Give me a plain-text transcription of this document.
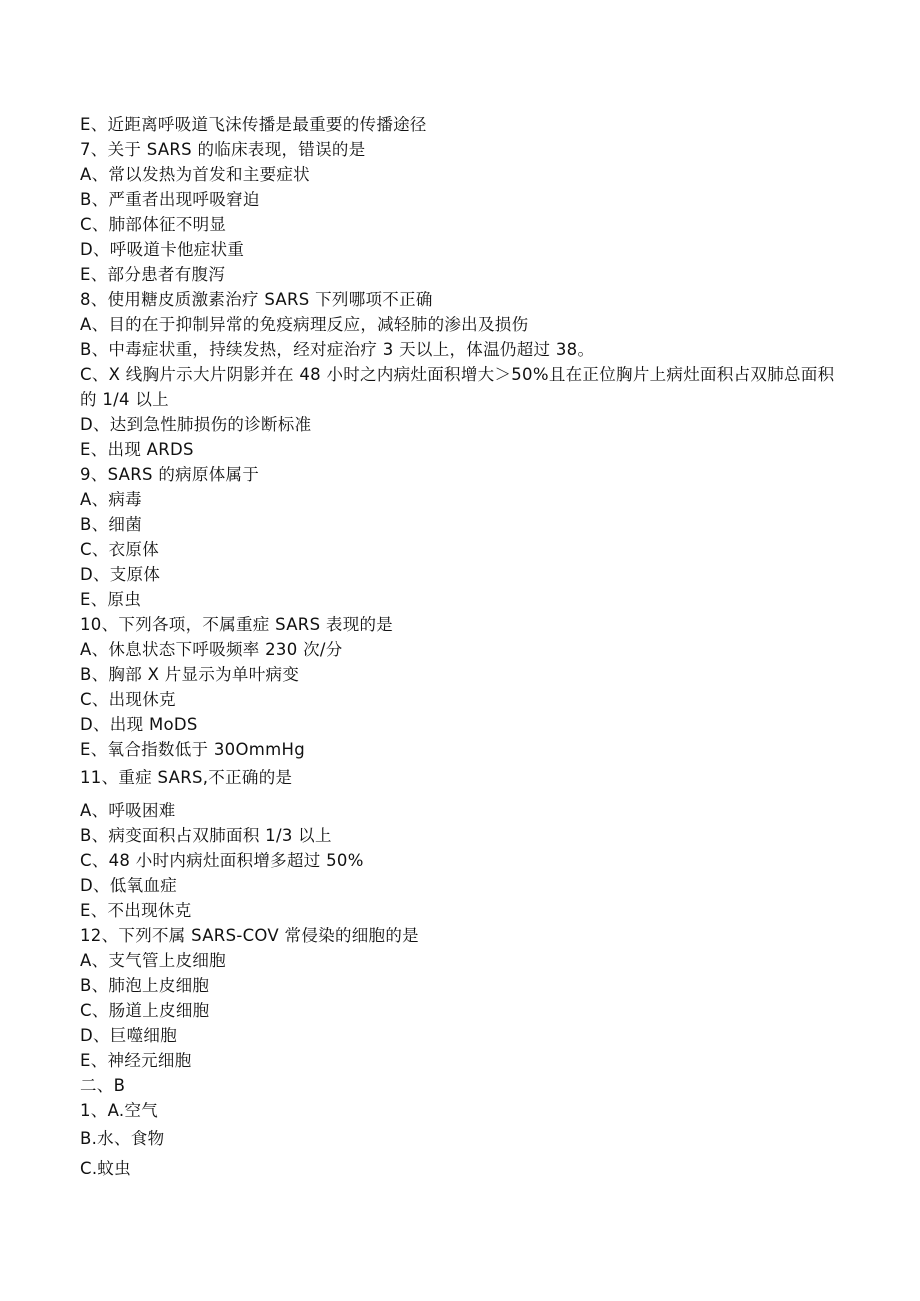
E、近距离呼吸道飞沫传播是最重要的传播途径
7、关于 SARS 的临床表现，错误的是
A、常以发热为首发和主要症状
B、严重者出现呼吸窘迫
C、肺部体征不明显
D、呼吸道卡他症状重
E、部分患者有腹泻
8、使用糖皮质激素治疗 SARS 下列哪项不正确
A、目的在于抑制异常的免疫病理反应，减轻肺的渗出及损伤
B、中毒症状重，持续发热，经对症治疗 3 天以上，体温仍超过 38。
C、X 线胸片示大片阴影并在 48 小时之内病灶面积增大＞50%且在正位胸片上病灶面积占双肺总面积的 1/4 以上
D、达到急性肺损伤的诊断标准
E、出现 ARDS
9、SARS 的病原体属于
A、病毒
B、细菌
C、衣原体
D、支原体
E、原虫
10、下列各项，不属重症 SARS 表现的是
A、休息状态下呼吸频率 230 次/分
B、胸部 X 片显示为单叶病变
C、出现休克
D、出现 MoDS
E、氧合指数低于 30OmmHg
11、重症 SARS,不正确的是
A、呼吸困难
B、病变面积占双肺面积 1/3 以上
C、48 小时内病灶面积增多超过 50%
D、低氧血症
E、不出现休克
12、下列不属 SARS-COV 常侵染的细胞的是
A、支气管上皮细胞
B、肺泡上皮细胞
C、肠道上皮细胞
D、巨噬细胞
E、神经元细胞
二、B
1、A.空气
B.水、食物
C.蚊虫
